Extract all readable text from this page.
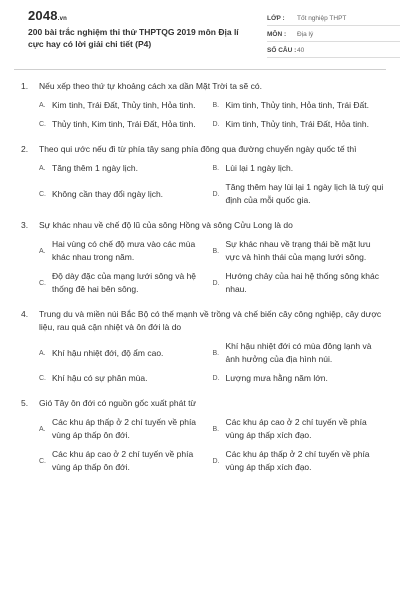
2048.vn
200 bài trắc nghiệm thi thử THPTQG 2019 môn Địa lí cực hay có lời giải chi tiết (P4)
LỚP :	Tốt nghiệp THPT
MÔN :	Địa lý
SỐ CÂU : 40
1.	Nếu xếp theo thứ tự khoảng cách xa dần Mặt Trời ta sẽ có.
A. Kim tinh, Trái Đất, Thủy tinh, Hỏa tinh.	B. Kim tinh, Thủy tinh, Hỏa tinh, Trái Đất.
C. Thủy tinh, Kim tinh, Trái Đất, Hỏa tinh.	D. Kim tinh, Thủy tinh, Trái Đất, Hỏa tinh.
2.	Theo qui ước nếu đi từ phía tây sang phía đông qua đường chuyển ngày quốc tế thì
A. Tăng thêm 1 ngày lịch.	B. Lùi lại 1 ngày lịch.
C. Không cần thay đổi ngày lịch.	D.
Tăng thêm hay lùi lại 1 ngày lịch là tuỳ qui định của mỗi quốc gia.
3.	Sự khác nhau về chế độ lũ của sông Hồng và sông Cửu Long là do
A.
Hai vùng có chế độ mưa vào các mùa khác nhau trong năm.
B.
Sự khác nhau về trạng thái bề mặt lưu vực và hình thái của mạng lưới sông.
C.
Độ dày đặc của mạng lưới sông và hệ thống đê hai bên sông.
D.
Hướng chảy của hai hệ thống sông khác nhau.
4.	Trung du và miền núi Bắc Bộ có thế mạnh về trồng và chế biến cây công nghiệp, cây dược liệu, rau quả cận nhiệt và ôn đới là do
A. Khí hậu nhiệt đới, độ ẩm cao.	B.
Khí hậu nhiệt đới có mùa đông lạnh và ảnh hưởng của địa hình núi.
C. Khí hậu có sự phân mùa.	D. Lượng mưa hằng năm lớn.
5.	Gió Tây ôn đới có nguồn gốc xuất phát từ
A.
Các khu áp thấp ở 2 chí tuyến về phía vùng áp thấp ôn đới.
B.
Các khu áp cao ở 2 chí tuyến về phía vùng áp thấp xích đạo.
C.
Các khu áp cao ở 2 chí tuyến về phía vùng áp thấp ôn đới.
D.
Các khu áp thấp ở 2 chí tuyến về phía vùng áp thấp xích đạo.
